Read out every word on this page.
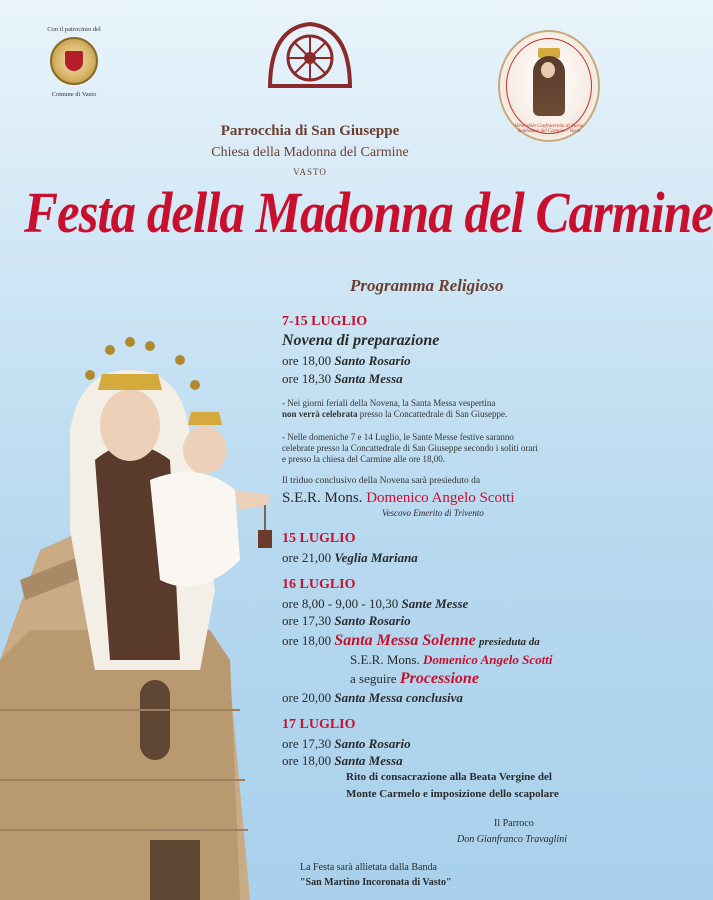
Con il patrocinio del
Comune di Vasto
Venerabile Confraternita di Maria Santissima del Carmine - Vasto
Parrocchia di San Giuseppe
Chiesa della Madonna del Carmine
VASTO
Festa della Madonna del Carmine
Programma Religioso
7-15 LUGLIO
Novena di preparazione
ore 18,00 Santo Rosario
ore 18,30 Santa Messa
- Nei giorni feriali della Novena, la Santa Messa vespertina
non verrà celebrata presso la Concattedrale di San Giuseppe.
- Nelle domeniche 7 e 14 Luglio, le Sante Messe festive saranno
celebrate presso la Concattedrale di San Giuseppe secondo i soliti orari
e presso la chiesa del Carmine alle ore 18,00.
Il triduo conclusivo della Novena sarà presieduto da
S.E.R. Mons. Domenico Angelo Scotti
Vescovo Emerito di Trivento
15 LUGLIO
ore 21,00 Veglia Mariana
16 LUGLIO
ore 8,00 - 9,00 - 10,30 Sante Messe
ore 17,30 Santo Rosario
ore 18,00 Santa Messa Solenne presieduta da
S.E.R. Mons. Domenico Angelo Scotti
a seguire Processione
ore 20,00 Santa Messa conclusiva
17 LUGLIO
ore 17,30 Santo Rosario
ore 18,00 Santa Messa
Rito di consacrazione alla Beata Vergine del
Monte Carmelo e imposizione dello scapolare
Il Parroco
Don Gianfranco Travaglini
La Festa sarà allietata dalla Banda
"San Martino Incoronata di Vasto"
